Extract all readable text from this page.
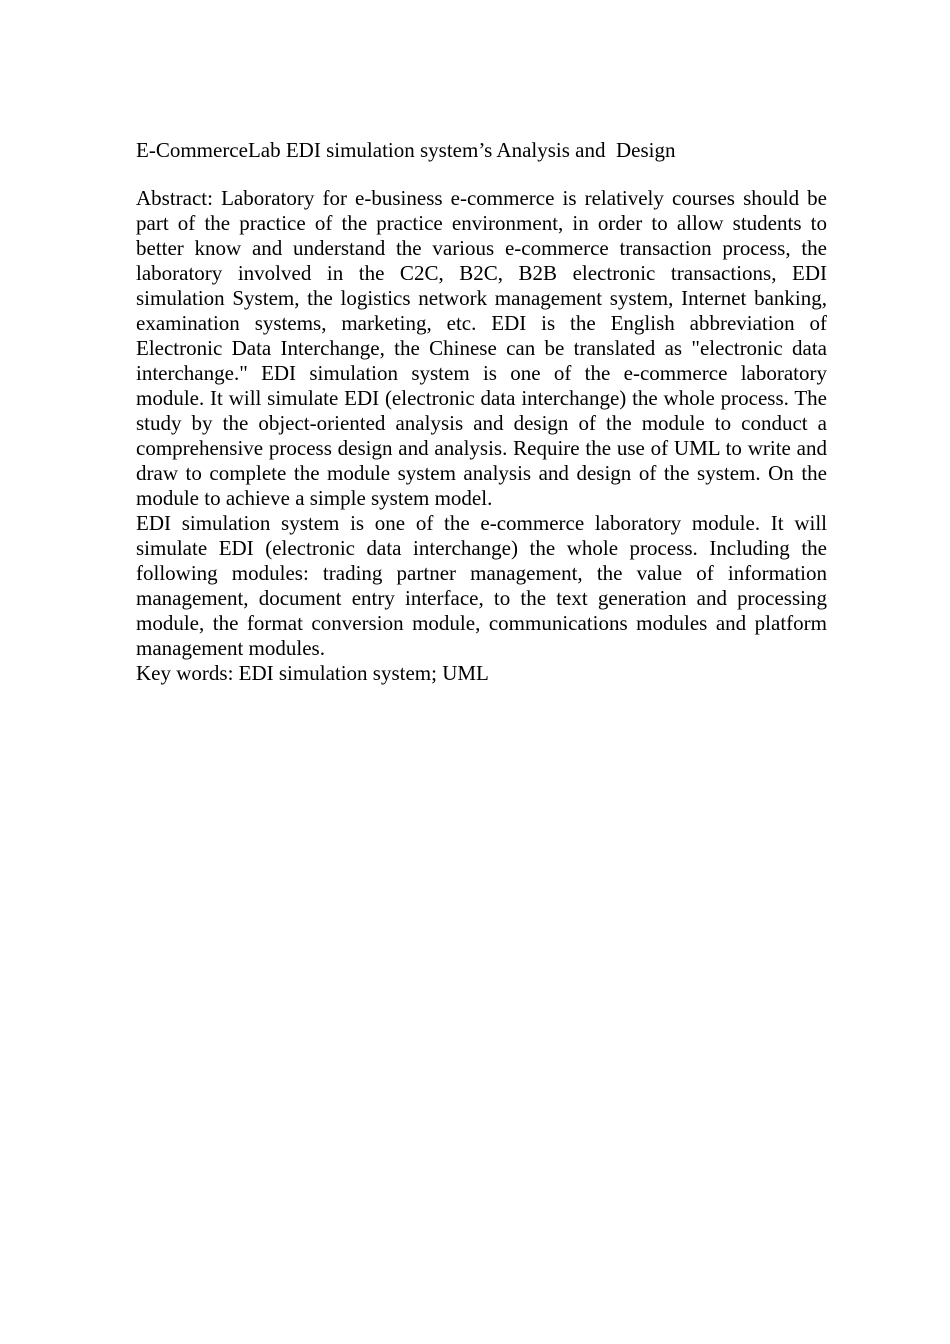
E-CommerceLab EDI simulation system’s Analysis and  Design

Abstract: Laboratory for e-business e-commerce is relatively courses should be part of the practice of the practice environment, in order to allow students to better know and understand the various e-commerce transaction process, the laboratory involved in the C2C, B2C, B2B electronic transactions, EDI simulation System, the logistics network management system, Internet banking, examination systems, marketing, etc. EDI is the English abbreviation of Electronic Data Interchange, the Chinese can be translated as "electronic data interchange." EDI simulation system is one of the e-commerce laboratory module. It will simulate EDI (electronic data interchange) the whole process. The study by the object-oriented analysis and design of the module to conduct a comprehensive process design and analysis. Require the use of UML to write and draw to complete the module system analysis and design of the system. On the module to achieve a simple system model.

EDI simulation system is one of the e-commerce laboratory module. It will simulate EDI (electronic data interchange) the whole process. Including the following modules: trading partner management, the value of information management, document entry interface, to the text generation and processing module, the format conversion module, communications modules and platform management modules.

Key words: EDI simulation system; UML
